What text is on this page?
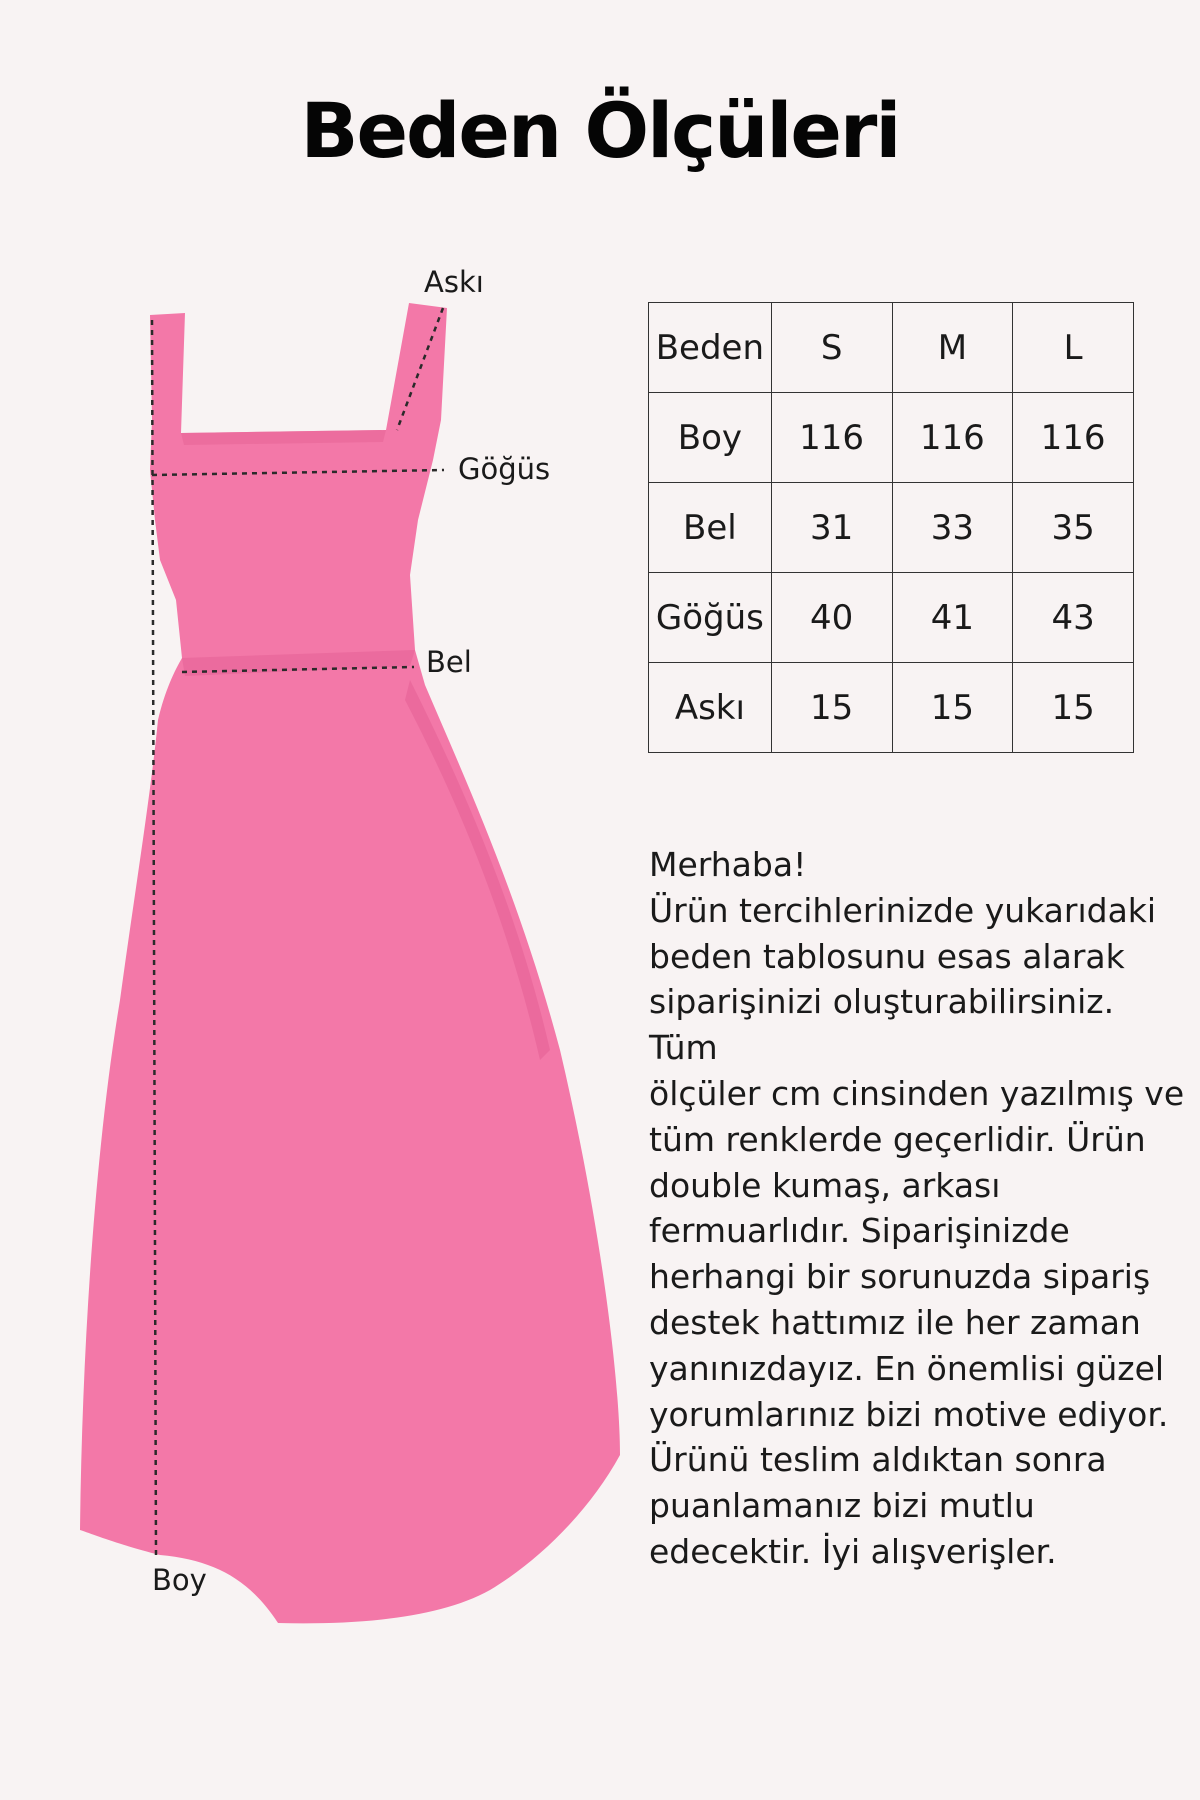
Beden Ölçüleri
Askı
Göğüs
Bel
Boy
Beden	S	M	L
Boy	116	116	116
Bel	31	33	35
Göğüs	40	41	43
Askı	15	15	15

Merhaba!

Ürün tercihlerinizde yukarıdaki

beden tablosunu esas alarak

siparişinizi oluşturabilirsiniz. Tüm

ölçüler cm cinsinden yazılmış ve

tüm renklerde geçerlidir. Ürün

double kumaş, arkası

fermuarlıdır. Siparişinizde

herhangi bir sorunuzda sipariş

destek hattımız ile her zaman

yanınızdayız. En önemlisi güzel

yorumlarınız bizi motive ediyor.

Ürünü teslim aldıktan sonra

puanlamanız bizi mutlu

edecektir. İyi alışverişler.
